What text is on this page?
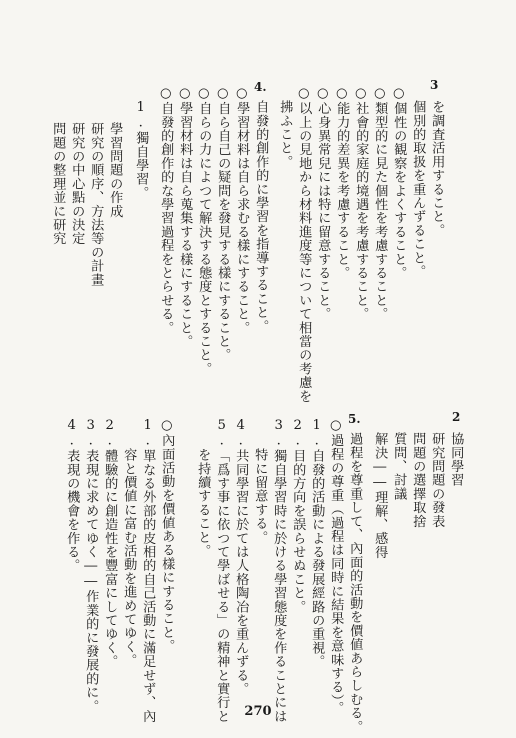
3
を調査活用すること。
個別的取扱を重んずること。
○個性の観察をよくすること。
○類型的に見た個性を考慮すること。
○社會的家庭的境遇を考慮すること。
○能力的差異を考慮すること。
○心身異常兒には特に留意すること。
○以上の見地から材料進度等について相當の考慮を
拂ふこと。
4.
自發的創作的に學習を指導すること。
○學習材料は自ら求むる樣にすること。
○自ら自己の疑問を發見する樣にすること。
○自らの力によつて解決する態度とすること。
○學習材料は自ら蒐集する樣にすること。
○自發的創作的な學習過程をとらせる。
1.獨自學習。
學習問題の作成
研究の順序、方法等の計畫
研究の中心點の決定
問題の整理並に研究
2
協同學習
研究問題の發表
問題の選擇取捨
質問、討議
解決――理解、感得
5.
過程を尊重して、內面的活動を價値あらしむる。
○過程の尊重（過程は同時に結果を意味する）。
1.自發的活動による發展經路の重視。
2.目的方向を誤らせぬこと。
3.獨自學習時に於ける學習態度を作ることには
特に留意する。
4.共同學習に於ては人格陶冶を重んずる。
5.「爲す事に依つて學ばせる」の精神と實行と
を持續すること。
○內面活動を價値ある樣にすること。
1.單なる外部的皮相的自己活動に滿足せず、內
容と價値に富む活動を進めてゆく。
2.體驗的に創造性を豐富にしてゆく。
3.表現に求めてゆく――作業的に發展的に。
4.表現の機會を作る。
270
